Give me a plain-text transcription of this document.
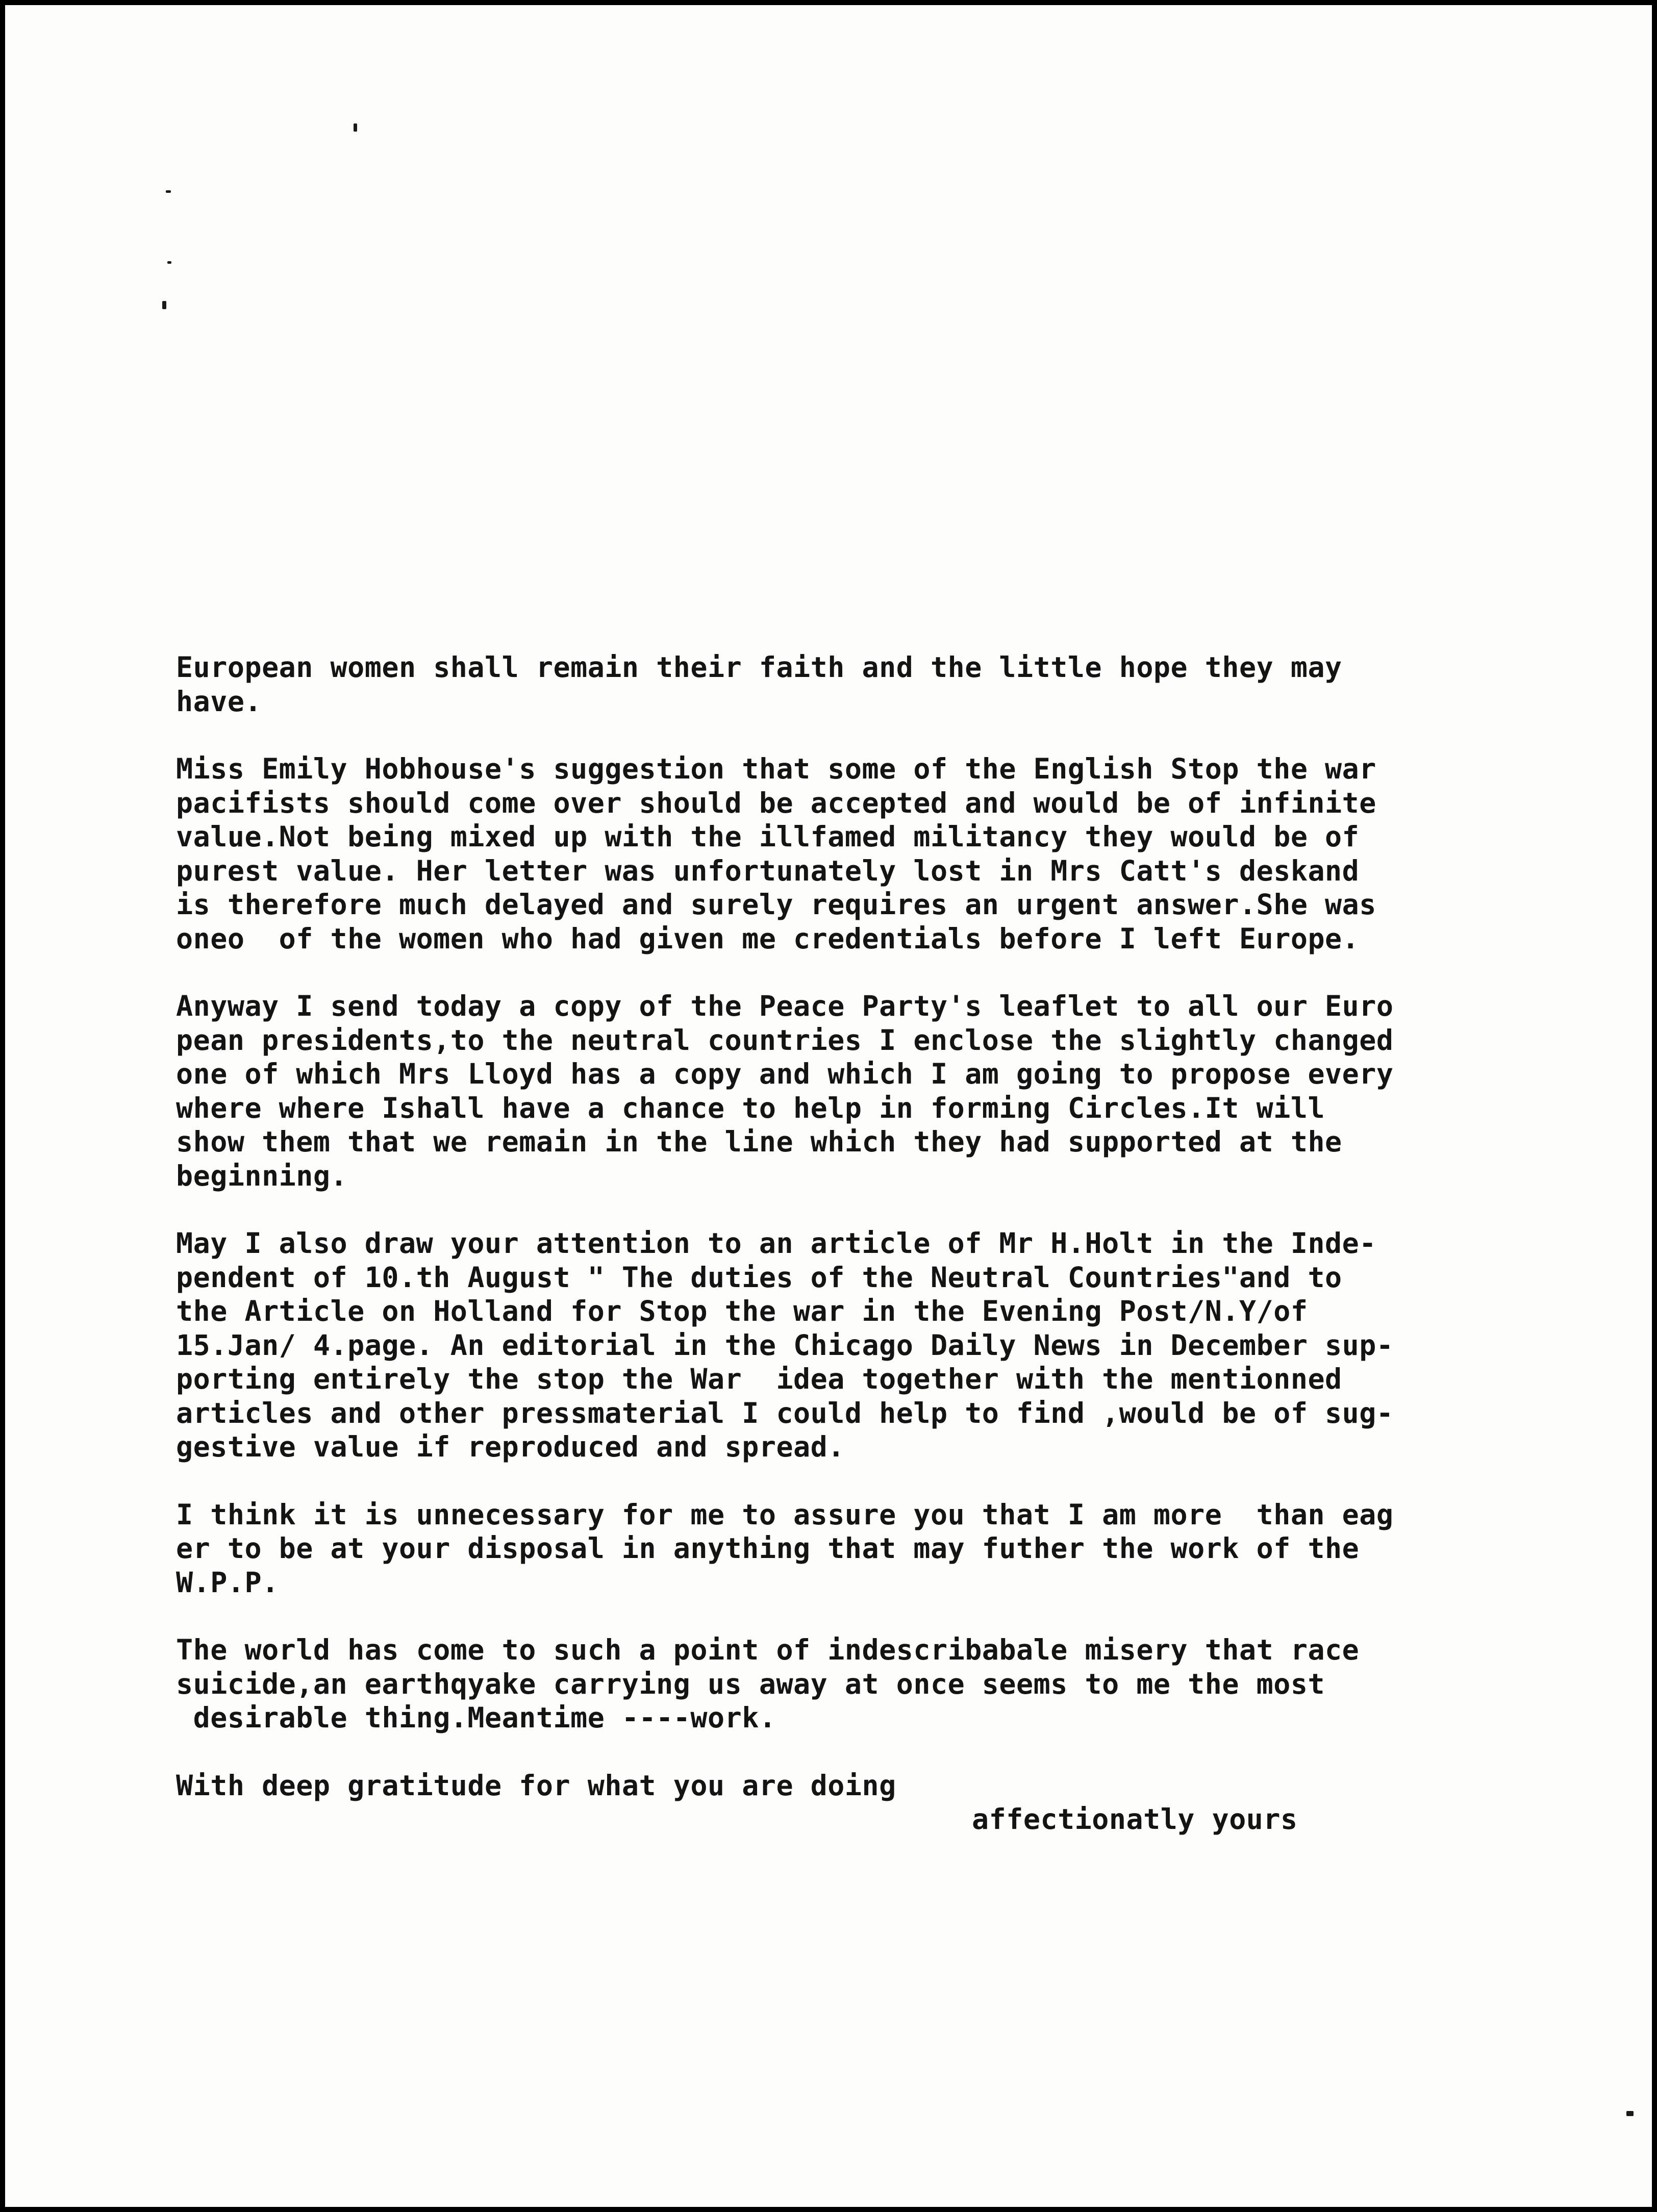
European women shall remain their faith and the little hope they may
have.
Miss Emily Hobhouse's suggestion that some of the English Stop the war
pacifists should come over should be accepted and would be of infinite
value.Not being mixed up with the illfamed militancy they would be of
purest value. Her letter was unfortunately lost in Mrs Catt's deskand
is therefore much delayed and surely requires an urgent answer.She was
oneo  of the women who had given me credentials before I left Europe.
Anyway I send today a copy of the Peace Party's leaflet to all our Euro
pean presidents,to the neutral countries I enclose the slightly changed
one of which Mrs Lloyd has a copy and which I am going to propose every
where where Ishall have a chance to help in forming Circles.It will
show them that we remain in the line which they had supported at the
beginning.
May I also draw your attention to an article of Mr H.Holt in the Inde-
pendent of 10.th August " The duties of the Neutral Countries"and to
the Article on Holland for Stop the war in the Evening Post/N.Y/of
15.Jan/ 4.page. An editorial in the Chicago Daily News in December sup-
porting entirely the stop the War  idea together with the mentionned
articles and other pressmaterial I could help to find ,would be of sug-
gestive value if reproduced and spread.
I think it is unnecessary for me to assure you that I am more  than eag
er to be at your disposal in anything that may futher the work of the
W.P.P.
The world has come to such a point of indescribabale misery that race
suicide,an earthqyake carrying us away at once seems to me the most
desirable thing.Meantime ----work.
With deep gratitude for what you are doing
affectionatly yours
